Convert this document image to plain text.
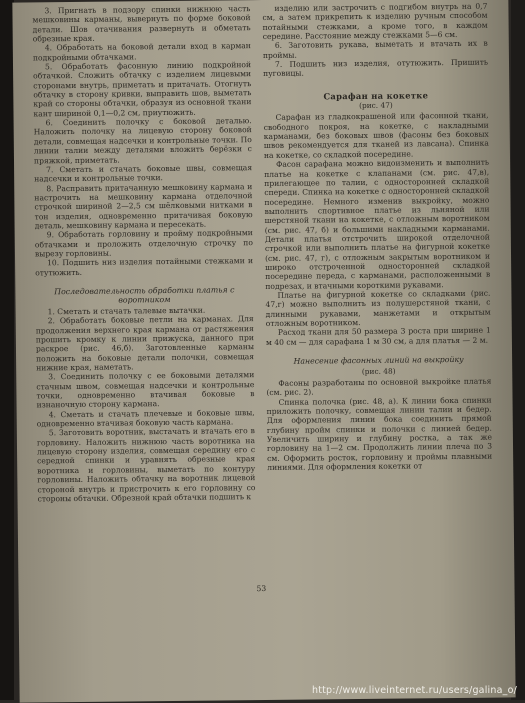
3. Пригнать в подзору спинки нижнюю часть мешковины карманы, вывернуть по форме боковой детали. Шов отачивания развернуть и обметать обрезные края.

4. Обработать на боковой детали вход в карман подкройными обтачками.

5. Обработать фасонную линию подкройной обтачкой. Сложить обтачку с изделием лицевыми сторонами внутрь, приметать и притачать. Отогнуть обтачку в сторону кривки, выправить шов, выметать край со стороны обтачки, образуя из основной ткани кант шириной 0,1—0,2 см, приутюжить.

6. Соединить полочку с боковой деталью. Наложить полочку на лицевую сторону боковой детали, совмещая надсечки и контрольные точки. По линии талии между деталями вложить берёзки с пряжкой, приметать.

7. Сметать и стачать боковые швы, совмещая надсечки и контрольные точки.

8. Расправить притачанную мешковину кармана и настрочить на мешковину кармана отделочной строчкой шириной 2—2,5 см шёлковыми нитками в тон изделия, одновременно притачивая боковую деталь, мешковину кармана и пересекать.

9. Обработать горловину и пройму подкройными обтачками и проложить отделочную строчку по вырезу горловины.

10. Подшить низ изделия потайными стежками и отутюжить.

Последовательность обработки платья с воротником

1. Сметать и стачать талевые вытачки.

2. Обработать боковые петли на карманах. Для продолжения верхнего края кармана от растяжения прошить кромку к линии прижуска, данного при раскрое (рис. 46,б). Заготовленные карманы положить на боковые детали полочки, совмещая нижние края, наметать.

3. Соединить полочку с ее боковыми деталями стачным швом, совмещая надсечки и контрольные точки, одновременно втачивая боковые в изнаночную сторону кармана.

4. Сметать и стачать плечевые и боковые швы, одновременно втачивая боковую часть кармана.

5. Заготовить воротник, выстачать и втачать его в горловину. Наложить нижнюю часть воротника на лицевую сторону изделия, совмещая середину его с середной спинки и уравнять обрезные края воротника и горловины, выметать по контуру горловины. Наложить обтачку на воротник лицевой стороной внутрь и пристрочить к его горловину со стороны обтачки. Обрезной край обтачки подшить к

изделию или застрочить с подгибом внутрь на 0,7 см, а затем прикрепить к изделию ручным способом потайными стежками, а кроме того, в каждом середине. Расстояние между стежками 5—6 см.

6. Заготовить рукава, выметать и втачать их в проймы.

7. Подшить низ изделия, отутюжить. Пришить пуговицы.

Сарафан на кокетке
(рис. 47)

Сарафан из гладкокрашеной или фасонной ткани, свободного покроя, на кокетке, с накладными карманами, без боковых швов (фасоны без боковых швов рекомендуется для тканей из лавсана). Спинка на кокетке, со складкой посередине.

Фасон сарафана можно видоизменить и выполнить платье на кокетке с клапанами (см. рис. 47,в), прилегающее по талии, с односторонней складкой спереди. Спинка на кокетке с односторонней складкой посередине. Немного изменив выкройку, можно выполнить спортивное платье из льняной или шерстяной ткани на кокетке, с отложным воротником (см. рис. 47, б) и большими накладными карманами. Детали платья отстрочить широкой отделочной строчкой или выполнить платье на фигурной кокетке (см. рис. 47, г), с отложным закрытым воротником и широко отстроченной односторонней складкой посередине переда, с карманами, расположенными в подрезах, и втачными короткими рукавами.

Платье на фигурной кокетке со складками (рис. 47,г) можно выполнить из полушерстяной ткани, с длинными рукавами, манжетами и открытым отложным воротником.

Расход ткани для 50 размера 3 роста при ширине 1 м 40 см — для сарафана 1 м 30 см, а для платья — 2 м.

Нанесение фасонных линий на выкройку
(рис. 48)

Фасоны разработаны по основной выкройке платья (см. рис. 2).

Спинка полочка (рис. 48, а). К линии бока спинки приложить полочку, совмещая линии талии и бедер. Для оформления линии бока соединить прямой глубину пройм спинки и полочки с линией бедер. Увеличить ширину и глубину ростка, а так же горловину на 1—2 см. Продолжить линии плеча по 3 см. Оформить росток, горловину и проймы плавными линиями. Для оформления кокетки от

53
http://www.liveinternet.ru/users/galina_o/
